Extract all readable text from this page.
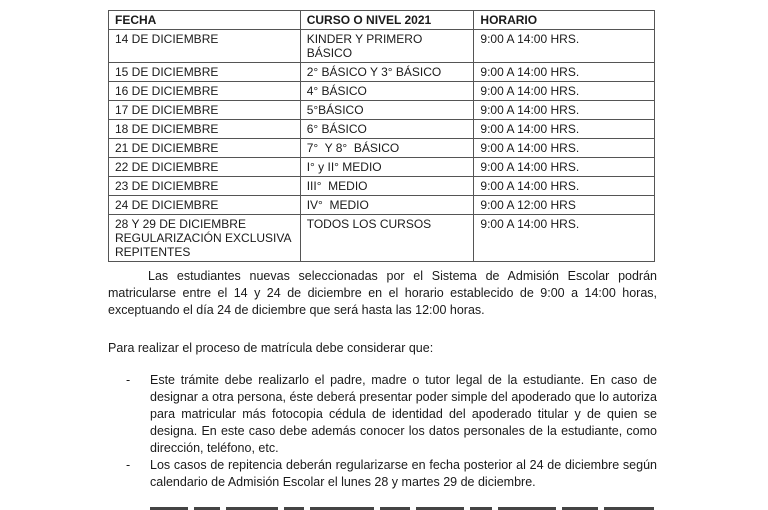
FECHA	CURSO O NIVEL 2021	HORARIO
14 DE DICIEMBRE	KINDER Y PRIMERO BÁSICO	9:00 A 14:00 HRS.
15 DE DICIEMBRE	2° BÁSICO Y 3° BÁSICO	9:00 A 14:00 HRS.
16 DE DICIEMBRE	4° BÁSICO	9:00 A 14:00 HRS.
17 DE DICIEMBRE	5°BÁSICO	9:00 A 14:00 HRS.
18 DE DICIEMBRE	6° BÁSICO	9:00 A 14:00 HRS.
21 DE DICIEMBRE	7°  Y 8°  BÁSICO	9:00 A 14:00 HRS.
22 DE DICIEMBRE	I° y II° MEDIO	9:00 A 14:00 HRS.
23 DE DICIEMBRE	III°  MEDIO	9:00 A 14:00 HRS.
24 DE DICIEMBRE	IV°  MEDIO	9:00 A 12:00 HRS

28 Y 29 DE DICIEMBRE
REGULARIZACIÓN EXCLUSIVA
REPITENTES	TODOS LOS CURSOS	9:00 A 14:00 HRS.

Las estudiantes nuevas seleccionadas por el Sistema de Admisión Escolar podrán matricularse entre el 14 y 24 de diciembre en el horario establecido de 9:00 a 14:00 horas, exceptuando el día 24 de diciembre que será hasta las 12:00 horas.

Para realizar el proceso de matrícula debe considerar que:

- Este trámite debe realizarlo el padre, madre o tutor legal de la estudiante. En caso de designar a otra persona, éste deberá presentar poder simple del apoderado que lo autoriza para matricular más fotocopia cédula de identidad del apoderado titular y de quien se designa. En este caso debe además conocer los datos personales de la estudiante, como dirección, teléfono, etc.
- Los casos de repitencia deberán regularizarse en fecha posterior al 24 de diciembre según calendario de Admisión Escolar el lunes 28 y martes 29 de diciembre.
